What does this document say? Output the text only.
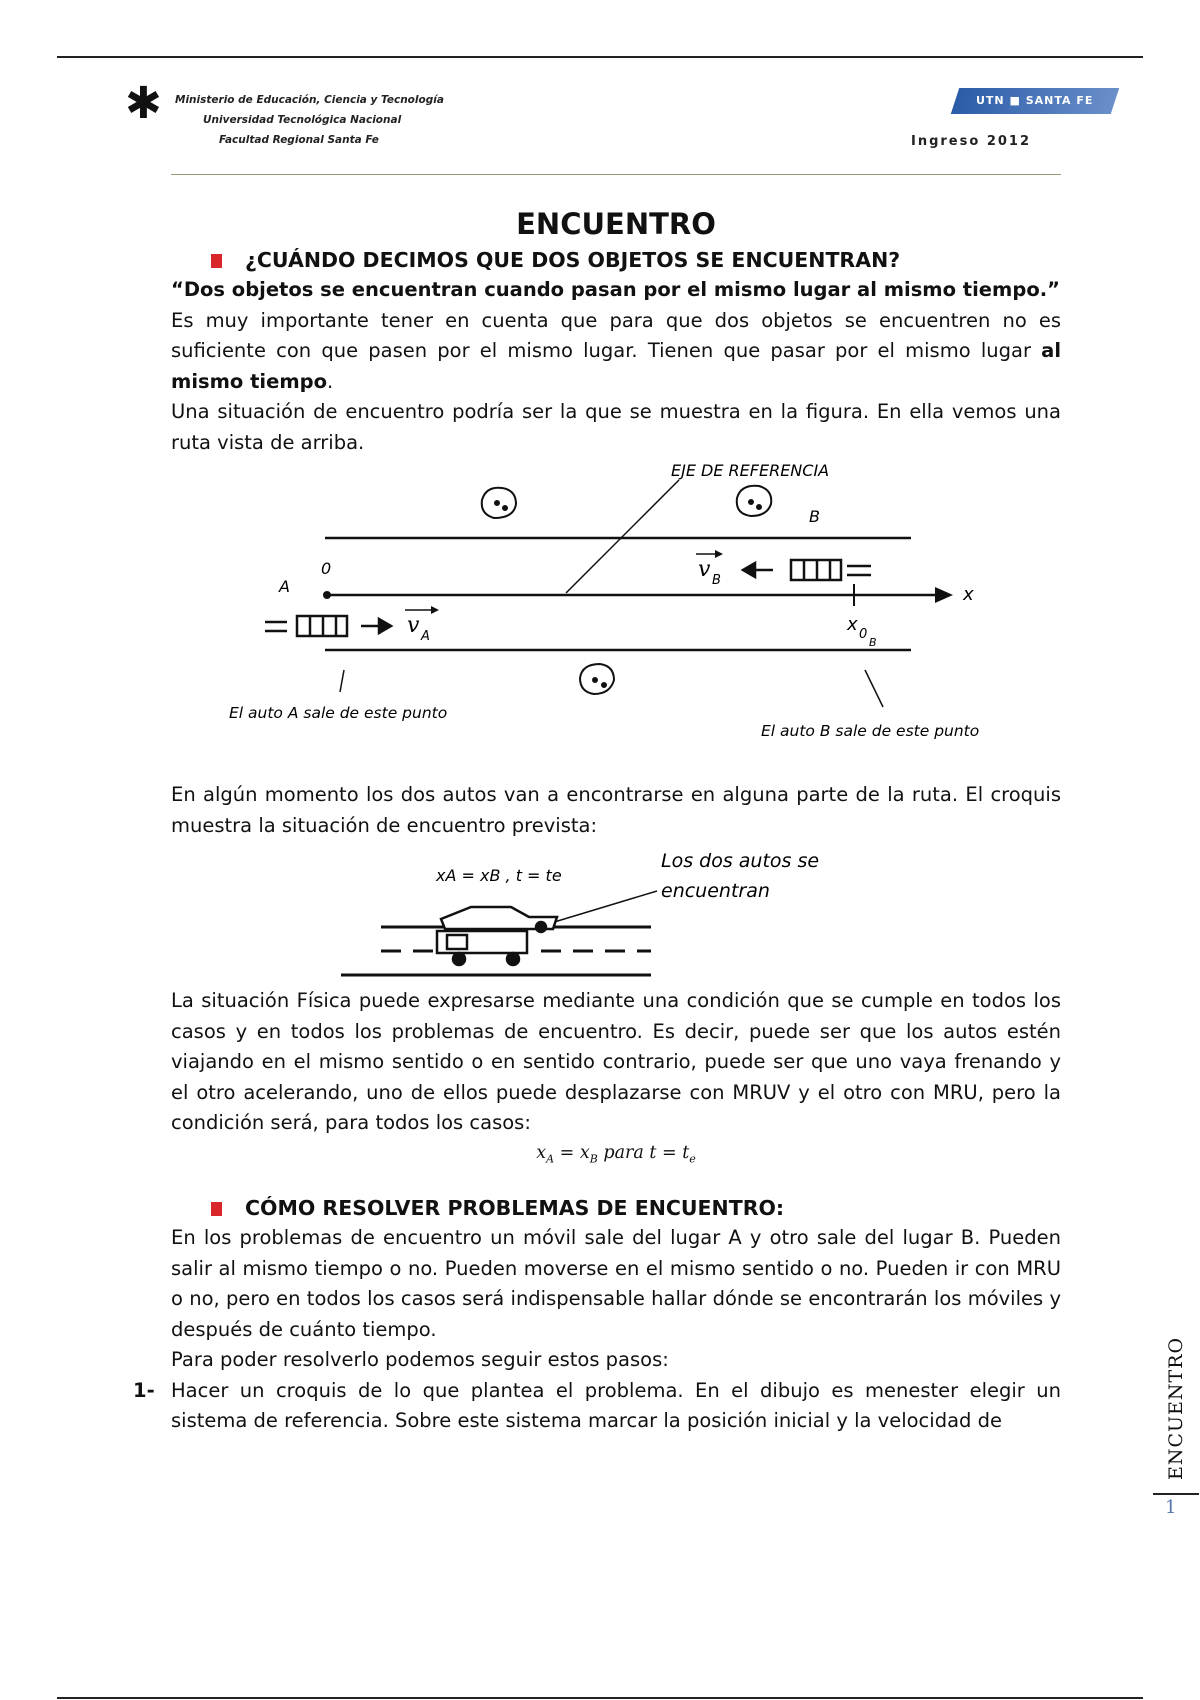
✱	Ministerio de Educación, Ciencia y Tecnología
Universidad Tecnológica Nacional
Facultad Regional Santa Fe
UTN ■ SANTA FE
Ingreso 2012
ENCUENTRO
¿CUÁNDO DECIMOS QUE DOS OBJETOS SE ENCUENTRAN?

“Dos objetos se encuentran cuando pasan por el mismo lugar al mismo tiempo.”

Es muy importante tener en cuenta que para que dos objetos se encuentren no es suficiente con que pasen por el mismo lugar. Tienen que pasar por el mismo lugar al mismo tiempo.

Una situación de encuentro podría ser la que se muestra en la figura. En ella vemos una ruta vista de arriba.

EJE DE REFERENCIA
B
0
A	x
v B
v A
x 0
B
El auto A sale de este punto
El auto B sale de este punto

En algún momento los dos autos van a encontrarse en alguna parte de la ruta. El croquis muestra la situación de encuentro prevista:

xA = xB , t = te
Los dos autos se
encuentran

La situación Física puede expresarse mediante una condición que se cumple en todos los casos y en todos los problemas de encuentro. Es decir, puede ser que los autos estén viajando en el mismo sentido o en sentido contrario, puede ser que uno vaya frenando y el otro acelerando, uno de ellos puede desplazarse con MRUV y el otro con MRU, pero la condición será, para todos los casos:

$x_A = x_B$ para $t = t_e$
CÓMO RESOLVER PROBLEMAS DE ENCUENTRO:

En los problemas de encuentro un móvil sale del lugar A y otro sale del lugar B. Pueden salir al mismo tiempo o no. Pueden moverse en el mismo sentido o no. Pueden ir con MRU o no, pero en todos los casos será indispensable hallar dónde se encontrarán los móviles y después de cuánto tiempo.

Para poder resolverlo podemos seguir estos pasos:

1- Hacer un croquis de lo que plantea el problema. En el dibujo es menester elegir un sistema de referencia. Sobre este sistema marcar la posición inicial y la velocidad de	ENCUENTRO
1
